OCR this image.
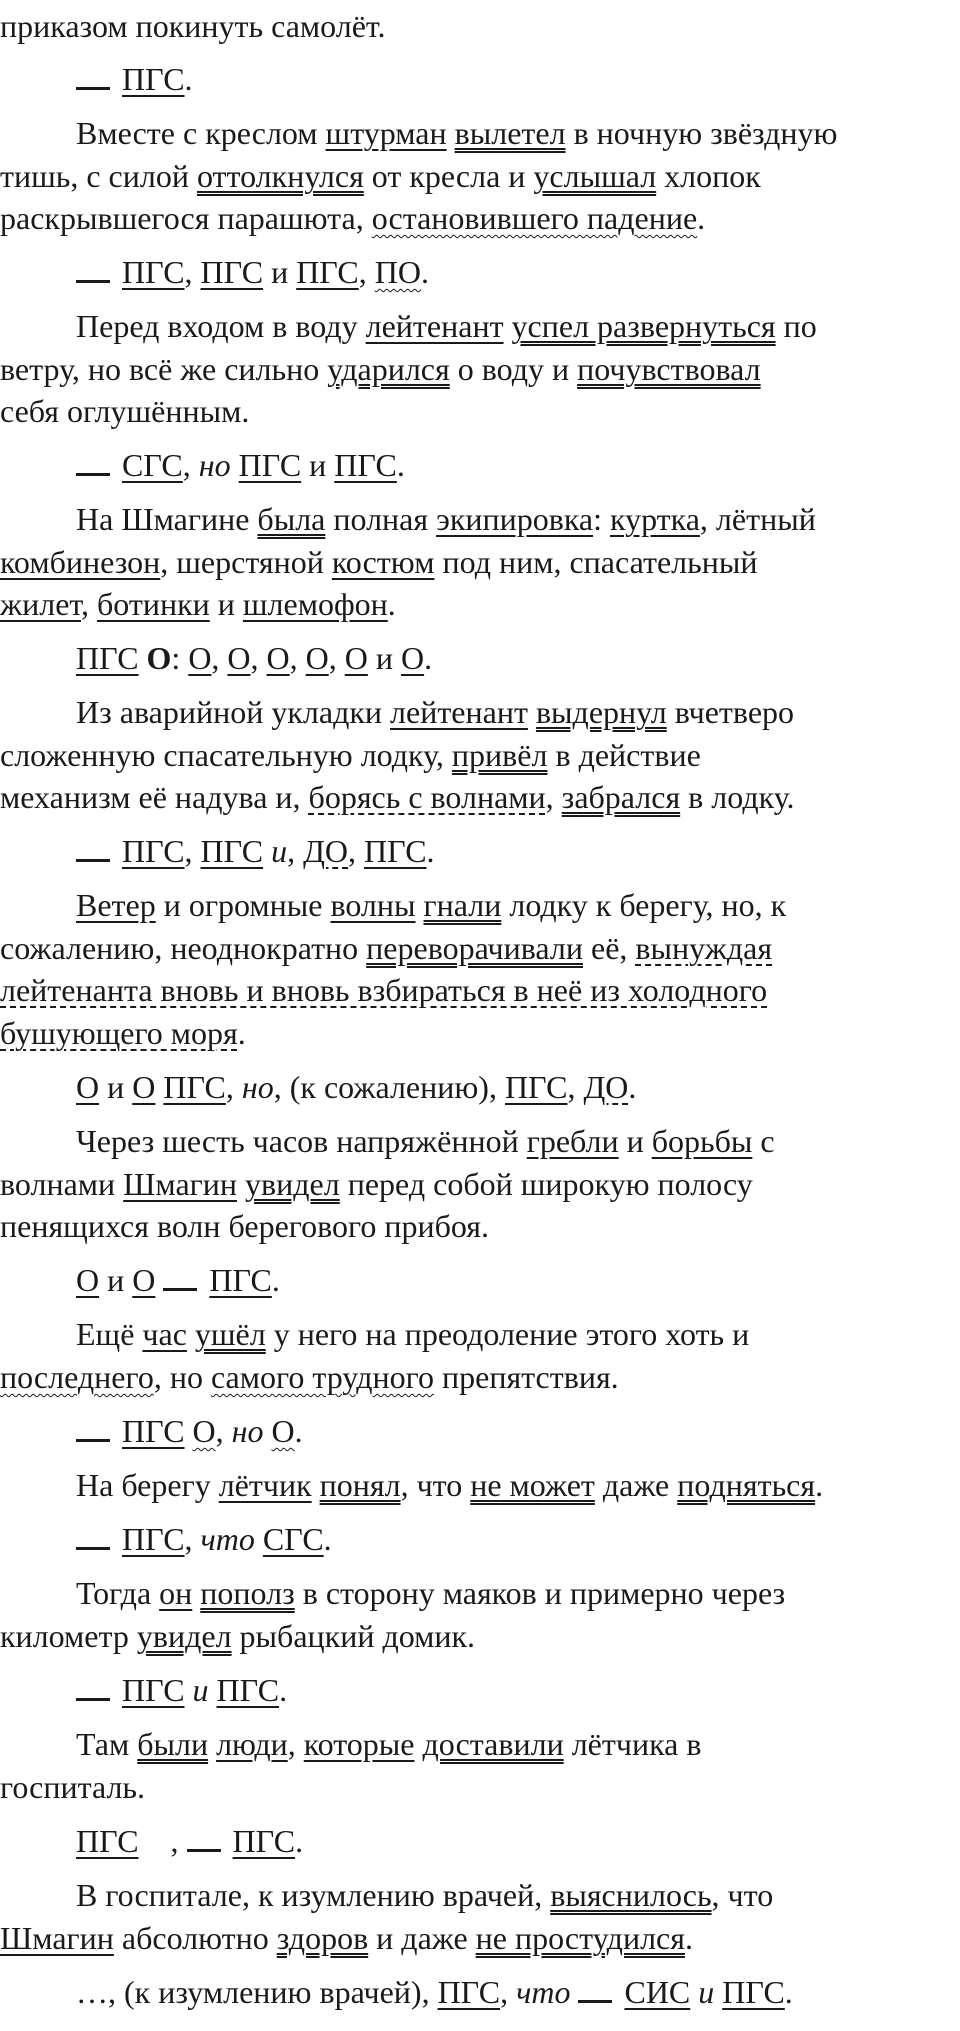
приказом покинуть самолёт.
ПГС.
Вместе с креслом штурман вылетел в ночную звёздную
тишь, с силой оттолкнулся от кресла и услышал хлопок
раскрывшегося парашюта, остановившего падение.
ПГС, ПГС и ПГС, ПО.
Перед входом в воду лейтенант успел развернуться по
ветру, но всё же сильно ударился о воду и почувствовал
себя оглушённым.
СГС, но ПГС и ПГС.
На Шмагине была полная экипировка: куртка, лётный
комбинезон, шерстяной костюм под ним, спасательный
жилет, ботинки и шлемофон.
ПГС О: О, О, О, О, О и О.
Из аварийной укладки лейтенант выдернул вчетверо
сложенную спасательную лодку, привёл в действие
механизм её надува и, борясь с волнами, забрался в лодку.
ПГС, ПГС и, ДО, ПГС.
Ветер и огромные волны гнали лодку к берегу, но, к
сожалению, неоднократно переворачивали её, вынуждая
лейтенанта вновь и вновь взбираться в неё из холодного
бушующего моря.
О и О ПГС, но, (к сожалению), ПГС, ДО.
Через шесть часов напряжённой гребли и борьбы с
волнами Шмагин увидел перед собой широкую полосу
пенящихся волн берегового прибоя.
О и О ПГС.
Ещё час ушёл у него на преодоление этого хоть и
последнего, но самого трудного препятствия.
ПГС О, но О.
На берегу лётчик понял, что не может даже подняться.
ПГС, что СГС.
Тогда он пополз в сторону маяков и примерно через
километр увидел рыбацкий домик.
ПГС и ПГС.
Там были люди, которые доставили лётчика в
госпиталь.
ПГС ,  ПГС.
В госпитале, к изумлению врачей, выяснилось, что
Шмагин абсолютно здоров и даже не простудился.
…, (к изумлению врачей), ПГС, что СИС и ПГС.
